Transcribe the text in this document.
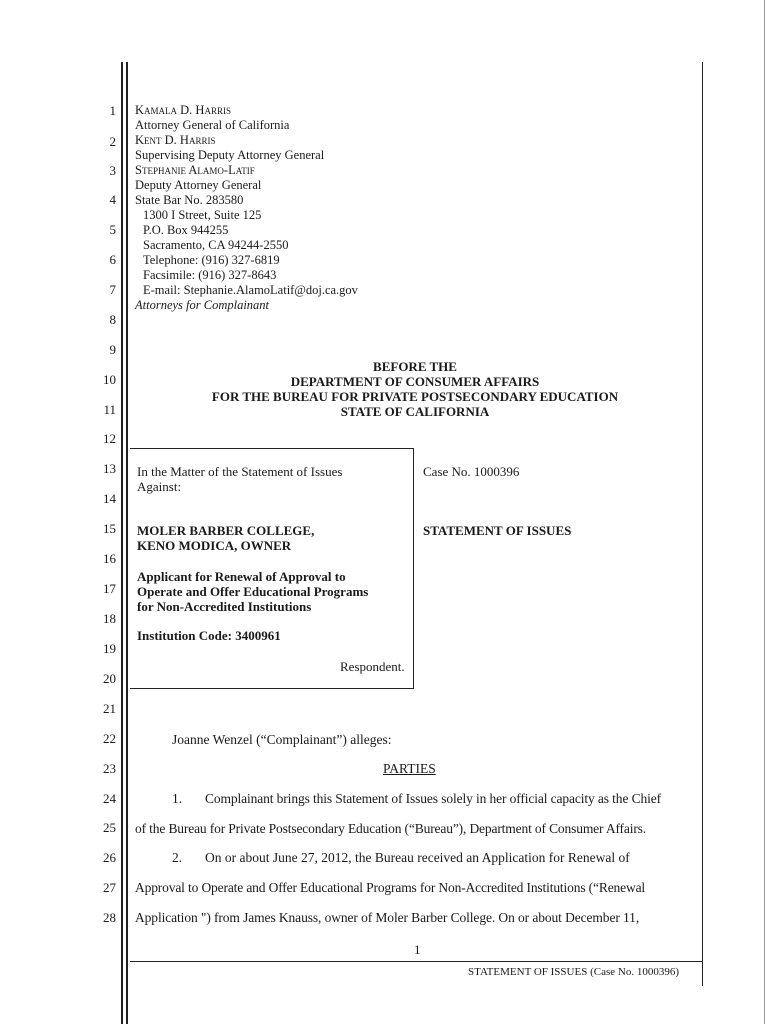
1
2
3
4
5
6
7
8
9
10
11
12
13
14
15
16
17
18
19
20
21
22
23
24
25
26
27
28
Kamala D. Harris
Attorney General of California
Kent D. Harris
Supervising Deputy Attorney General
Stephanie Alamo-Latif
Deputy Attorney General
State Bar No. 283580
1300 I Street, Suite 125
P.O. Box 944255
Sacramento, CA 94244-2550
Telephone: (916) 327-6819
Facsimile: (916) 327-8643
E-mail: Stephanie.AlamoLatif@doj.ca.gov
Attorneys for Complainant
BEFORE THE
DEPARTMENT OF CONSUMER AFFAIRS
FOR THE BUREAU FOR PRIVATE POSTSECONDARY EDUCATION
STATE OF CALIFORNIA
In the Matter of the Statement of Issues
Against:
MOLER BARBER COLLEGE,
KENO MODICA, OWNER
Applicant for Renewal of Approval to
Operate and Offer Educational Programs
for Non-Accredited Institutions
Institution Code: 3400961
Respondent.
Case No. 1000396
STATEMENT OF ISSUES
Joanne Wenzel (“Complainant”) alleges:
PARTIES
1. Complainant brings this Statement of Issues solely in her official capacity as the Chief
of the Bureau for Private Postsecondary Education (“Bureau”), Department of Consumer Affairs.
2. On or about June 27, 2012, the Bureau received an Application for Renewal of
Approval to Operate and Offer Educational Programs for Non-Accredited Institutions (“Renewal
Application ") from James Knauss, owner of Moler Barber College. On or about December 11,
1
STATEMENT OF ISSUES (Case No. 1000396)
